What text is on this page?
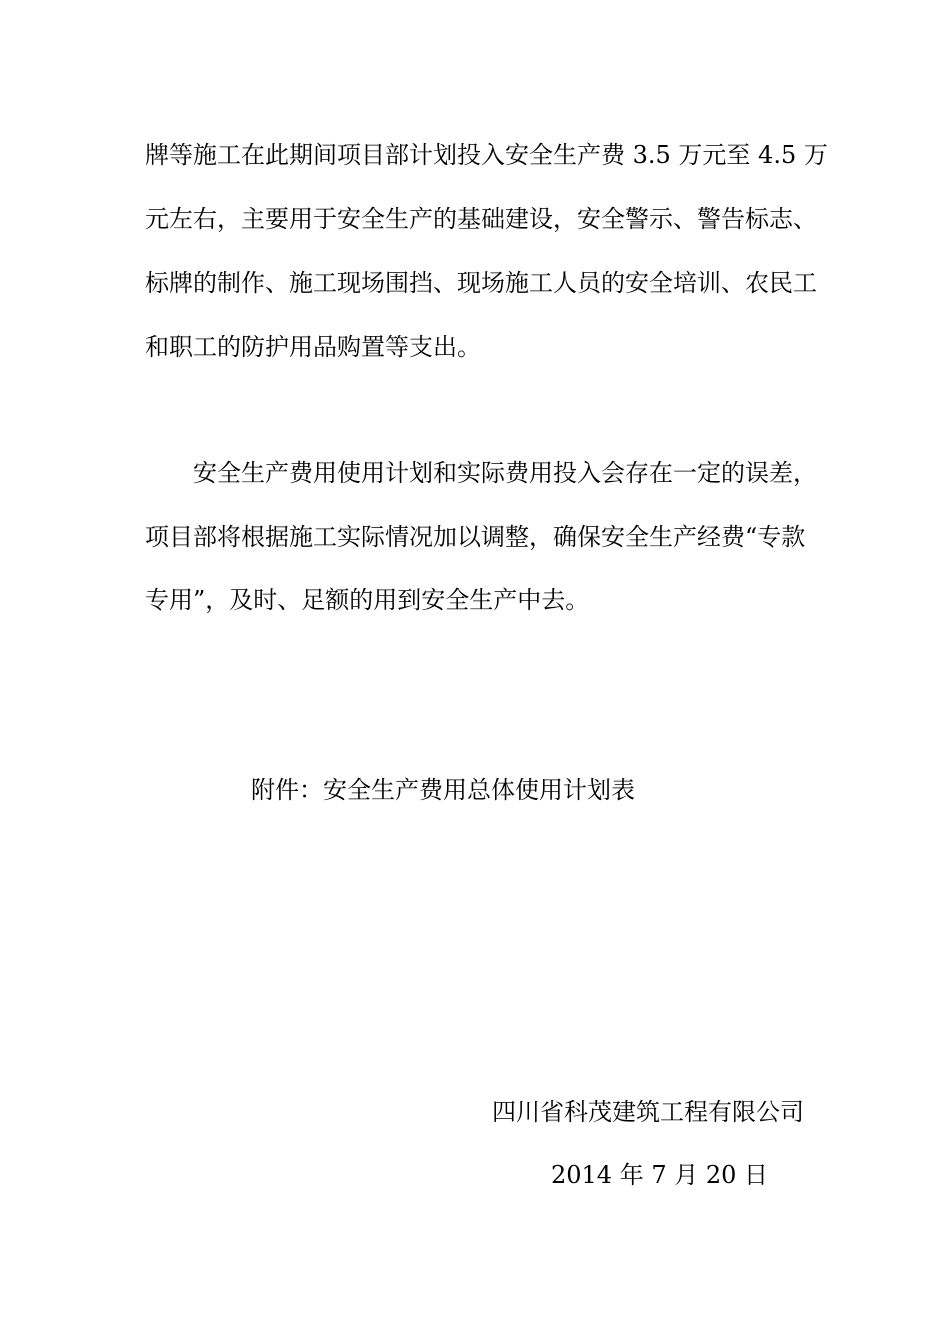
牌等施工在此期间项目部计划投入安全生产费 3.5 万元至 4.5 万
元左右，主要用于安全生产的基础建设，安全警示、警告标志、
标牌的制作、施工现场围挡、现场施工人员的安全培训、农民工
和职工的防护用品购置等支出。
安全生产费用使用计划和实际费用投入会存在一定的误差，
项目部将根据施工实际情况加以调整，确保安全生产经费“专款
专用”，及时、足额的用到安全生产中去。
附件：安全生产费用总体使用计划表
四川省科茂建筑工程有限公司
2014 年 7 月 20 日
